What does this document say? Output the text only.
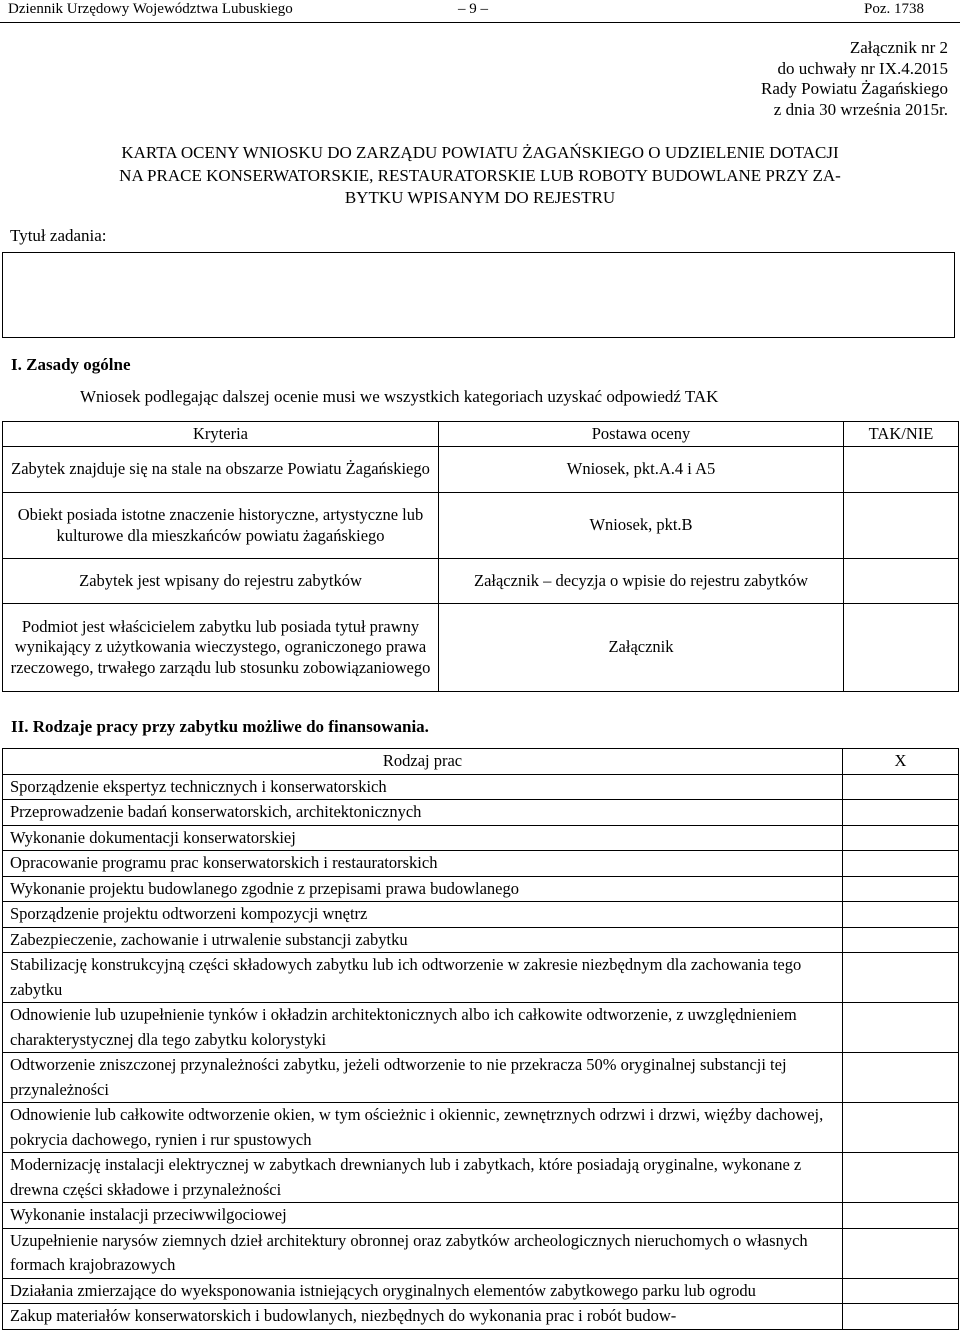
Dziennik Urzędowy Województwa Lubuskiego	– 9 –	Poz. 1738
Załącznik nr 2
do uchwały nr IX.4.2015
Rady Powiatu Żagańskiego
z dnia 30 września 2015r.
KARTA OCENY WNIOSKU DO ZARZĄDU POWIATU ŻAGAŃSKIEGO O UDZIELENIE DOTACJI
NA PRACE KONSERWATORSKIE, RESTAURATORSKIE LUB ROBOTY BUDOWLANE PRZY ZA-
BYTKU WPISANYM DO REJESTRU
Tytuł zadania:
I. Zasady ogólne
Wniosek podlegając dalszej ocenie musi we wszystkich kategoriach uzyskać odpowiedź TAK
Kryteria	Postawa oceny	TAK/NIE
Zabytek znajduje się na stale na obszarze Powiatu Żagańskiego	Wniosek, pkt.A.4 i A5	
Obiekt posiada istotne znaczenie historyczne, artystyczne lub kulturowe dla mieszkańców powiatu żagańskiego	Wniosek, pkt.B	
Zabytek jest wpisany do rejestru zabytków	Załącznik – decyzja o wpisie do rejestru zabytków	
Podmiot jest właścicielem zabytku lub posiada tytuł prawny wynikający z użytkowania wieczystego, ograniczonego prawa rzeczowego, trwałego zarządu lub stosunku zobowiązaniowego	Załącznik	
II. Rodzaje pracy przy zabytku możliwe do finansowania.
Rodzaj prac	X
Sporządzenie ekspertyz technicznych i konserwatorskich	
Przeprowadzenie badań konserwatorskich, architektonicznych	
Wykonanie dokumentacji konserwatorskiej	
Opracowanie programu prac konserwatorskich i restauratorskich	
Wykonanie projektu budowlanego zgodnie z przepisami prawa budowlanego	
Sporządzenie projektu odtworzeni kompozycji wnętrz	
Zabezpieczenie, zachowanie i utrwalenie substancji zabytku	
Stabilizację konstrukcyjną części składowych zabytku lub ich odtworzenie w zakresie niezbędnym dla zachowania tego zabytku	
Odnowienie lub uzupełnienie tynków i okładzin architektonicznych albo ich całkowite odtworzenie, z uwzględnieniem charakterystycznej dla tego zabytku kolorystyki	
Odtworzenie zniszczonej przynależności zabytku, jeżeli odtworzenie to nie przekracza 50% oryginalnej substancji tej przynależności	
Odnowienie lub całkowite odtworzenie okien, w tym ościeżnic i okiennic, zewnętrznych odrzwi i drzwi, więźby dachowej, pokrycia dachowego, rynien i rur spustowych	
Modernizację instalacji elektrycznej w zabytkach drewnianych lub i zabytkach, które posiadają oryginalne, wykonane z drewna części składowe i przynależności	
Wykonanie instalacji przeciwwilgociowej	
Uzupełnienie narysów ziemnych dzieł architektury obronnej oraz zabytków archeologicznych nieruchomych o własnych formach krajobrazowych	
Działania zmierzające do wyeksponowania istniejących oryginalnych elementów zabytkowego parku lub ogrodu	
Zakup materiałów konserwatorskich i budowlanych, niezbędnych do wykonania prac i robót budow-	
